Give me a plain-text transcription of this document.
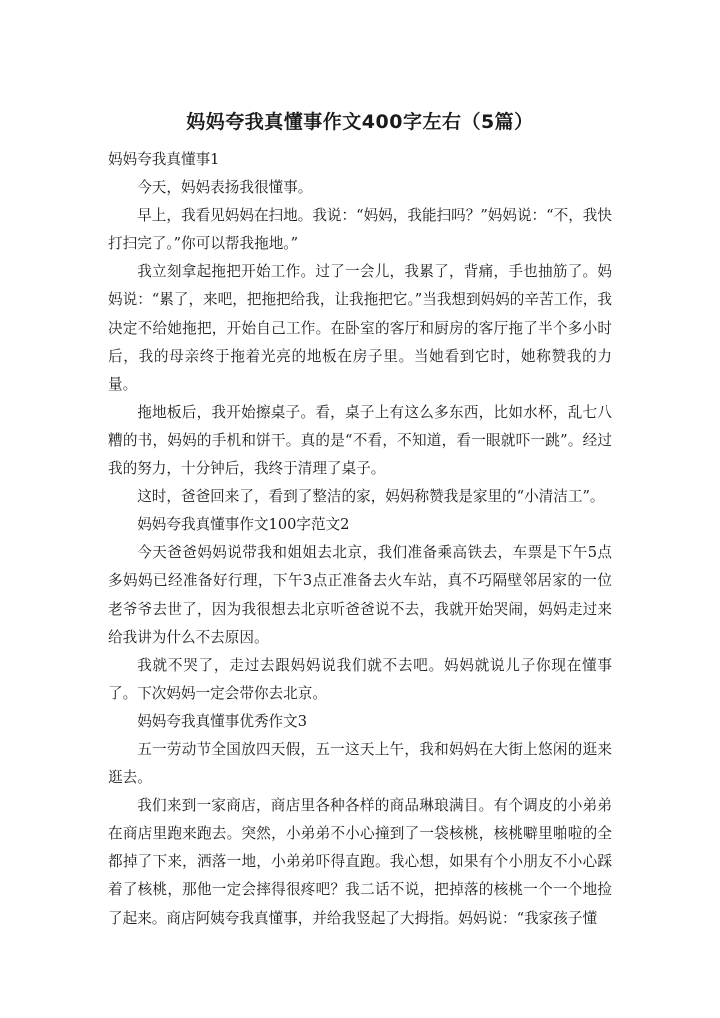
妈妈夸我真懂事作文400字左右（5篇）

妈妈夸我真懂事1

今天，妈妈表扬我很懂事。

早上，我看见妈妈在扫地。我说：“妈妈，我能扫吗？”妈妈说：“不，我快打扫完了。”你可以帮我拖地。”

我立刻拿起拖把开始工作。过了一会儿，我累了，背痛，手也抽筋了。妈妈说：“累了，来吧，把拖把给我，让我拖把它。”当我想到妈妈的辛苦工作，我决定不给她拖把，开始自己工作。在卧室的客厅和厨房的客厅拖了半个多小时后，我的母亲终于拖着光亮的地板在房子里。当她看到它时，她称赞我的力量。

拖地板后，我开始擦桌子。看，桌子上有这么多东西，比如水杯，乱七八糟的书，妈妈的手机和饼干。真的是“不看，不知道，看一眼就吓一跳”。经过我的努力，十分钟后，我终于清理了桌子。

这时，爸爸回来了，看到了整洁的家，妈妈称赞我是家里的“小清洁工”。

妈妈夸我真懂事作文100字范文2

今天爸爸妈妈说带我和姐姐去北京，我们准备乘高铁去，车票是下午5点多妈妈已经准备好行理，下午3点正准备去火车站，真不巧隔壁邻居家的一位老爷爷去世了，因为我很想去北京听爸爸说不去，我就开始哭闹，妈妈走过来给我讲为什么不去原因。

我就不哭了，走过去跟妈妈说我们就不去吧。妈妈就说儿子你现在懂事了。下次妈妈一定会带你去北京。

妈妈夸我真懂事优秀作文3

五一劳动节全国放四天假，五一这天上午，我和妈妈在大街上悠闲的逛来逛去。

我们来到一家商店，商店里各种各样的商品琳琅满目。有个调皮的小弟弟在商店里跑来跑去。突然，小弟弟不小心撞到了一袋核桃，核桃噼里啪啦的全都掉了下来，洒落一地，小弟弟吓得直跑。我心想，如果有个小朋友不小心踩着了核桃，那他一定会摔得很疼吧？我二话不说，把掉落的核桃一个一个地捡了起来。商店阿姨夸我真懂事，并给我竖起了大拇指。妈妈说：“我家孩子懂
